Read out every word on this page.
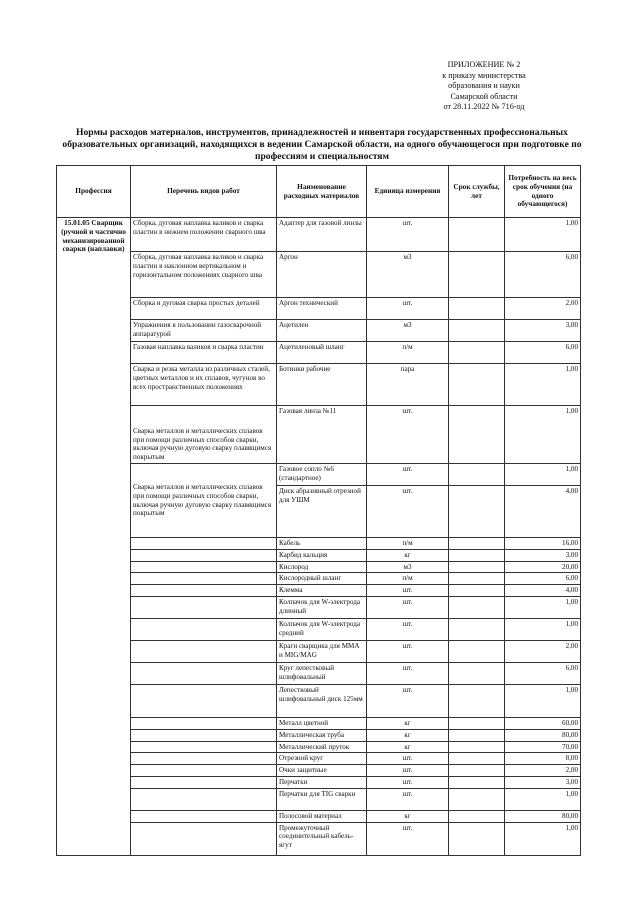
ПРИЛОЖЕНИЕ № 2
к приказу министерства
образования и науки
Самарской области
от 28.11.2022 № 716-од
Нормы расходов материалов, инструментов, принадлежностей и инвентаря государственных профессиональных образовательных организаций, находящихся в ведении Самарской области, на одного обучающегося при подготовке по профессиям и специальностям
Профессия	Перечень видов работ	Наименование расходных материалов	Единица измерения	Срок службы, лет	Потребность на весь срок обучения (на одного обучающегося)
15.01.05 Сварщик (ручной и частично механизированной сварки (наплавки)	Сборка, дуговая наплавка валиков и сварка пластин в нижнем положении сварного шва	Адаптер для газовой линзы	шт.		1,00
	Сборка, дуговая наплавка валиков и сварка пластин в наклонном вертикальном и горизонтальном положениях сварного шва	Аргон	м3		6,00
	Сборка и дуговая сварка простых деталей	Аргон технический	шт.		2,00
	Упражнения в пользовании газосварочной аппаратурой	Ацетилен	м3		3,00
	Газовая наплавка валиков и сварка пластин	Ацетиленовый шланг	п/м		6,00
	Сварка и резка металла из различных сталей, цветных металлов и их сплавов, чугунов во всех пространственных положениях	Ботинки рабочие	пара		1,00
	Сварка металлов и металлических сплавов при помощи различных способов сварки, включая ручную дуговую сварку плавящимся покрытым	Газовая линза №11	шт.		1,00
	Сварка металлов и металлических сплавов при помощи различных способов сварки, включая ручную дуговую сварку плавящимся покрытым	Газовое сопло №6 (стандартное)	шт.		1,00
		Диск абразивный отрезной для УШМ	шт.		4,00
		Кабель	п/м		16,00
		Карбид кальция	кг		3,00
		Кислород	м3		20,00
		Кислородный шланг	п/м		6,00
		Клемма	шт.		4,00
		Колпачок для W-электрода длинный	шт.		1,00
		Колпачок для W-электрода средний	шт.		1,00
		Краги сварщика для MMA и MIG/MAG	шт.		2,00
		Круг лепестковый шлифовальный	шт.		6,00
		Лепестковый шлифовальный диск 125мм	шт.		1,00
		Металл цветной	кг		60,00
		Металлическая труба	кг		80,00
		Металлический пруток	кг		70,00
		Отрезной круг	шт.		8,00
		Очки защитные	шт.		2,00
		Перчатки	шт.		3,00
		Перчатки для TIG сварки	шт.		1,00
		Полосовой материал	кг		80,00
		Промежуточный соединительный кабель-ягут	шт.		1,00
